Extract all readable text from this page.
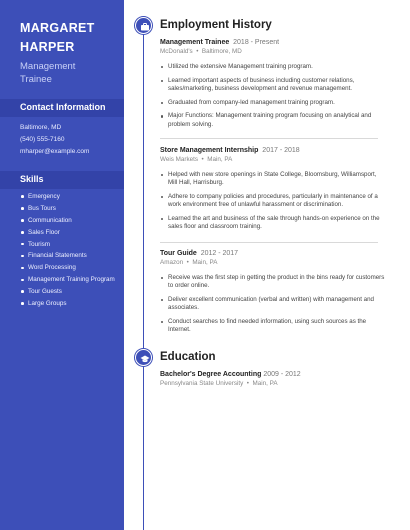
MARGARET
HARPER
Management
Trainee
Contact Information
Baltimore, MD
(540) 555-7160
mharper@example.com
Skills
Emergency
Bus Tours
Communication
Sales Floor
Tourism
Financial Statements
Word Processing
Management Training Program
Tour Guests
Large Groups
Employment History
Management Trainee 2018 - Present
McDonald's  •  Baltimore, MD
Utilized the extensive Management training program.
Learned important aspects of business including customer relations, sales/marketing, business development and revenue management.
Graduated from company-led management training program.
Major Functions: Management training program focusing on analytical and problem solving.
Store Management Internship 2017 - 2018
Weis Markets  •  Main, PA
Helped with new store openings in State College, Bloomsburg, Williamsport, Mill Hall, Harrisburg.
Adhere to company policies and procedures, particularly in maintenance of a work environment free of unlawful harassment or discrimination.
Learned the art and business of the sale through hands-on experience on the sales floor and classroom training.
Tour Guide 2012 - 2017
Amazon  •  Main, PA
Receive was the first step in getting the product in the bins ready for customers to order online.
Deliver excellent communication (verbal and written) with management and associates.
Conduct searches to find needed information, using such sources as the Internet.
Education
Bachelor's Degree Accounting 2009 - 2012
Pennsylvania State University  •  Main, PA
